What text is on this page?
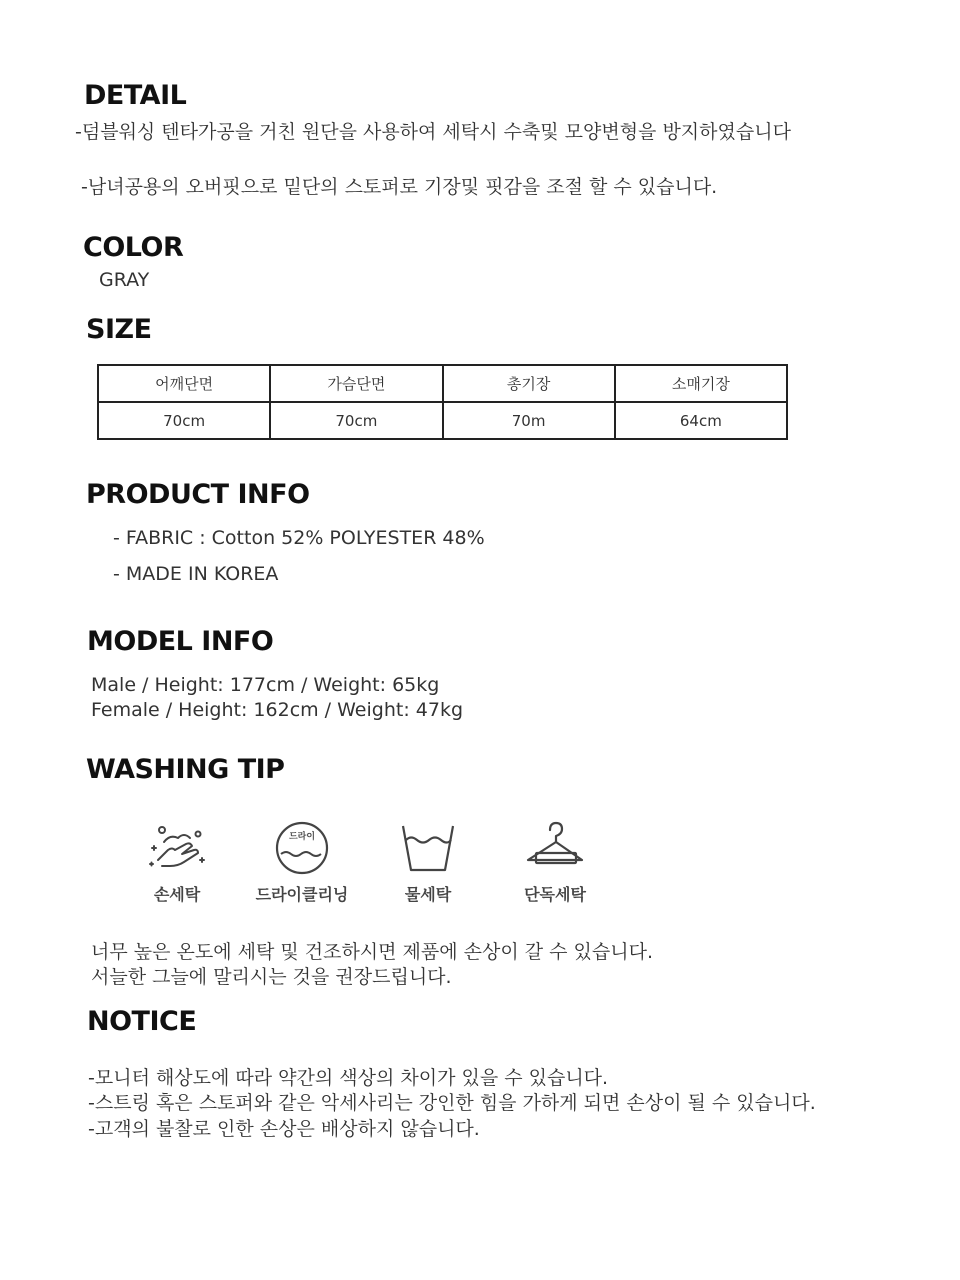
DETAIL
-덤블워싱 텐타가공을 거친 원단을 사용하여 세탁시 수축및 모양변형을 방지하였습니다
-남녀공용의 오버핏으로 밑단의 스토퍼로 기장및 핏감을 조절 할 수 있습니다.
COLOR
GRAY
SIZE
어깨단면	가슴단면	총기장	소매기장
70cm	70cm	70m	64cm
PRODUCT INFO
- FABRIC : Cotton 52% POLYESTER 48%
- MADE IN KOREA
MODEL INFO
Male / Height: 177cm / Weight: 65kg
Female / Height: 162cm / Weight: 47kg
WASHING TIP
손세탁
드라이
드라이클리닝	물세탁	단독세탁
너무 높은 온도에 세탁 및 건조하시면 제품에 손상이 갈 수 있습니다.
서늘한 그늘에 말리시는 것을 권장드립니다.
NOTICE
-모니터 해상도에 따라 약간의 색상의 차이가 있을 수 있습니다.
-스트링 혹은 스토퍼와 같은 악세사리는 강인한 힘을 가하게 되면 손상이 될 수 있습니다.
-고객의 불찰로 인한 손상은 배상하지 않습니다.
